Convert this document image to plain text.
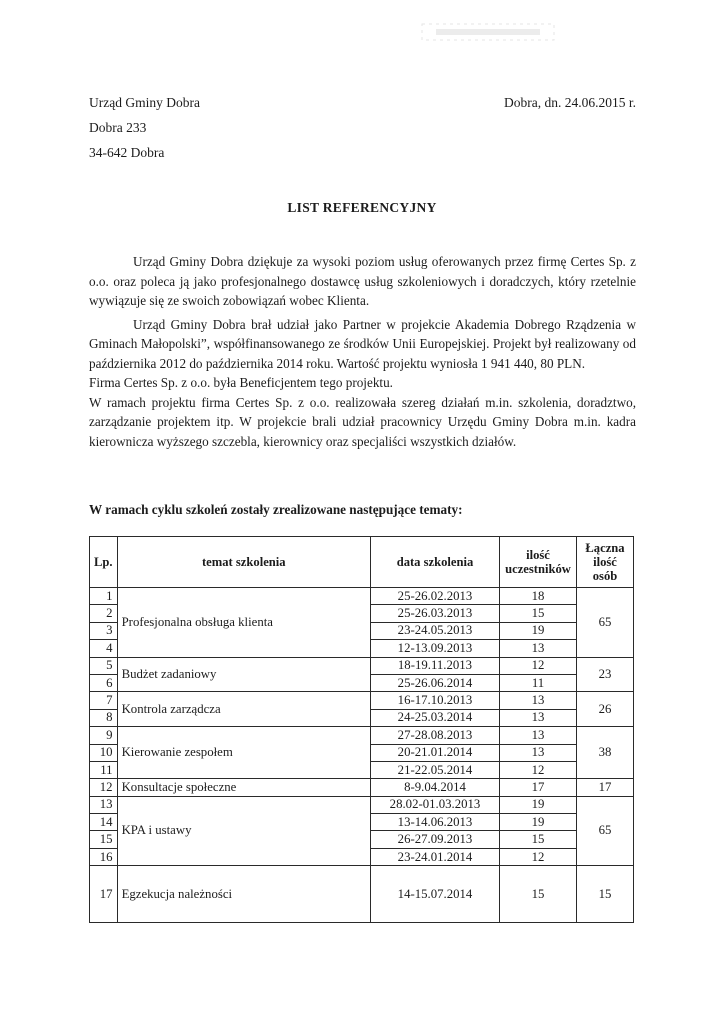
Urząd Gminy Dobra
Dobra 233
34-642 Dobra
Dobra, dn. 24.06.2015 r.
LIST REFERENCYJNY

Urząd Gminy Dobra dziękuje za wysoki poziom usług oferowanych przez firmę Certes Sp. z o.o. oraz poleca ją jako profesjonalnego dostawcę usług szkoleniowych i doradczych, który rzetelnie wywiązuje się ze swoich zobowiązań wobec Klienta.

Urząd Gminy Dobra brał udział jako Partner w projekcie Akademia Dobrego Rządzenia w Gminach Małopolski”, współfinansowanego ze środków Unii Europejskiej. Projekt był realizowany od października 2012 do października 2014 roku. Wartość projektu wyniosła 1 941 440, 80 PLN.

Firma Certes Sp. z o.o. była Beneficjentem tego projektu.

W ramach projektu firma Certes Sp. z o.o. realizowała szereg działań m.in. szkolenia, doradztwo, zarządzanie projektem itp. W projekcie brali udział pracownicy Urzędu Gminy Dobra m.in. kadra kierownicza wyższego szczebla, kierownicy oraz specjaliści wszystkich działów.

W ramach cyklu szkoleń zostały zrealizowane następujące tematy:
Lp.	temat szkolenia	data szkolenia	ilość uczestników	Łączna ilość osób
1	Profesjonalna obsługa klienta	25-26.02.2013	18	65
2		25-26.03.2013	15	
3		23-24.05.2013	19	
4		12-13.09.2013	13	
5	Budżet zadaniowy	18-19.11.2013	12	23
6		25-26.06.2014	11	
7	Kontrola zarządcza	16-17.10.2013	13	26
8		24-25.03.2014	13	
9	Kierowanie zespołem	27-28.08.2013	13	38
10		20-21.01.2014	13	
11		21-22.05.2014	12	
12	Konsultacje społeczne	8-9.04.2014	17	17
13	KPA i ustawy	28.02-01.03.2013	19	65
14		13-14.06.2013	19	
15		26-27.09.2013	15	
16		23-24.01.2014	12	
17	Egzekucja należności	14-15.07.2014	15	15
